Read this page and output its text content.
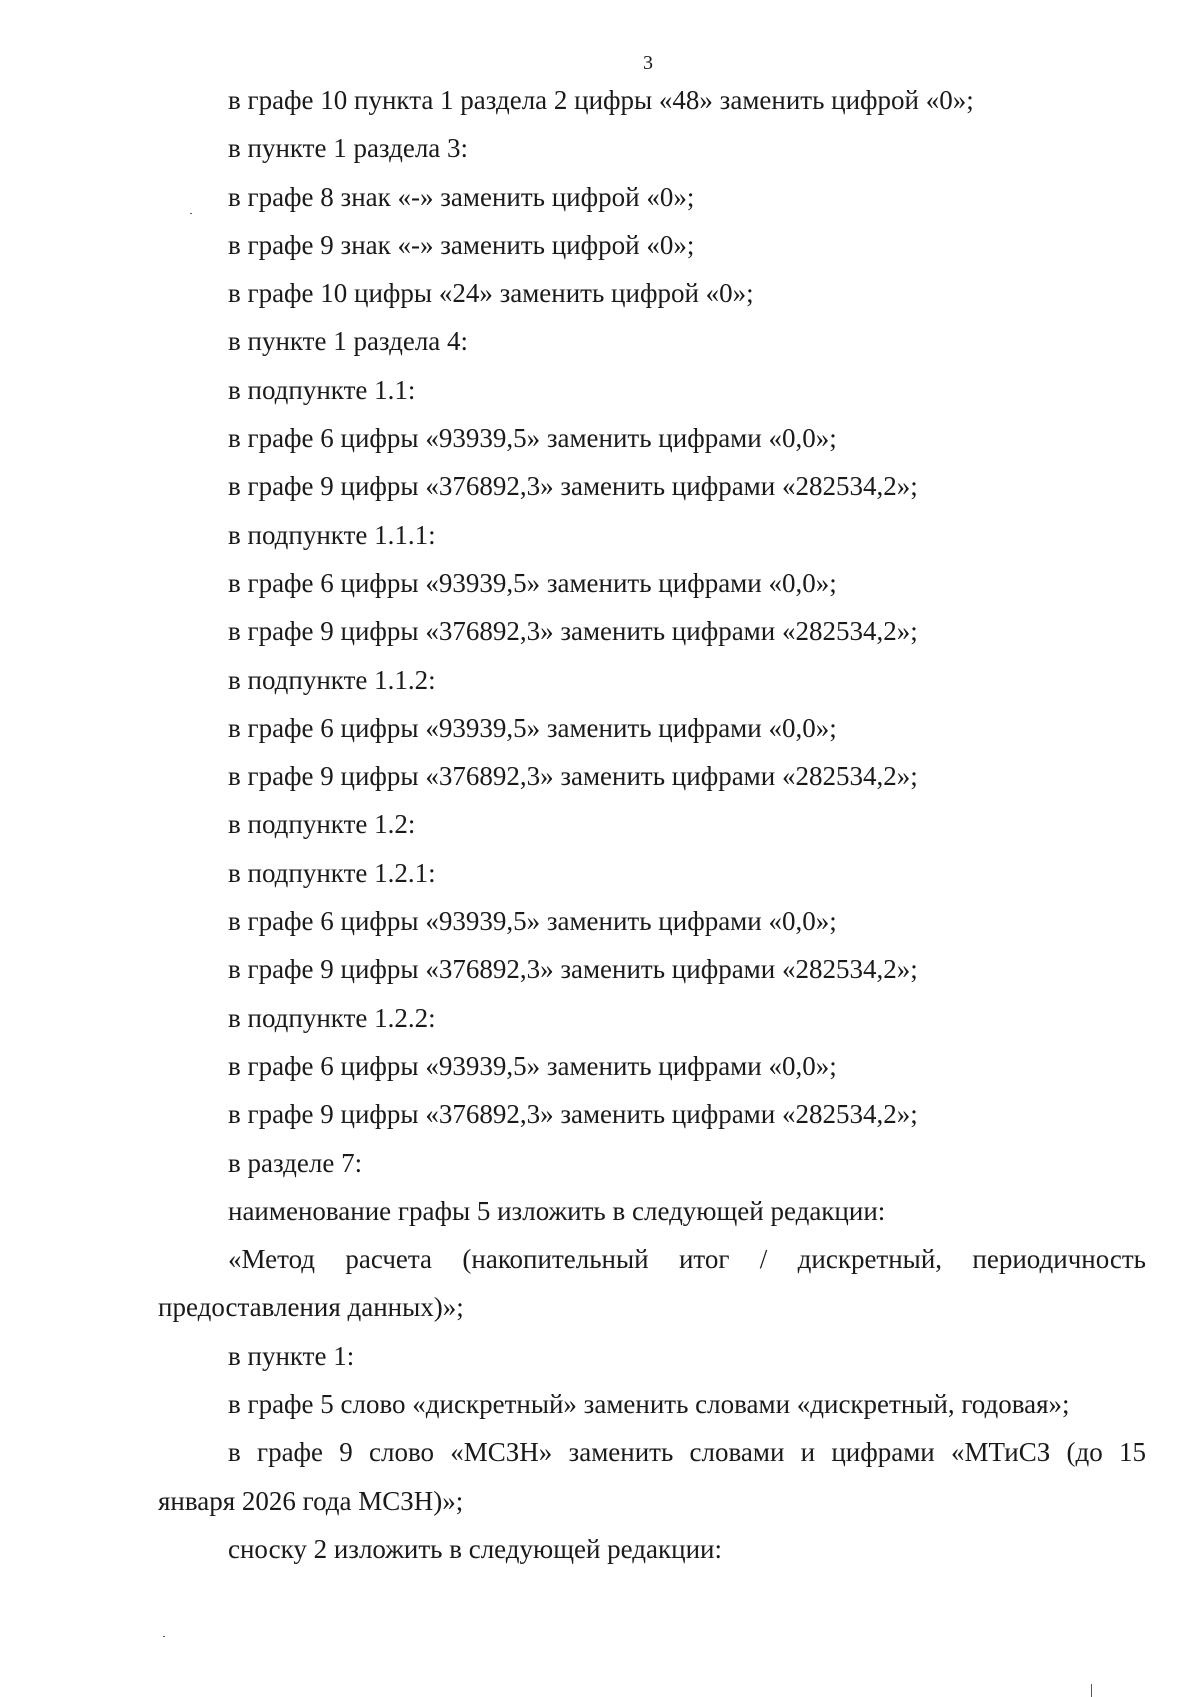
3
в графе 10 пункта 1 раздела 2 цифры «48» заменить цифрой «0»;
в пункте 1 раздела 3:
в графе 8 знак «-» заменить цифрой «0»;
в графе 9 знак «-» заменить цифрой «0»;
в графе 10 цифры «24» заменить цифрой «0»;
в пункте 1 раздела 4:
в подпункте 1.1:
в графе 6 цифры «93939,5» заменить цифрами «0,0»;
в графе 9 цифры «376892,3» заменить цифрами «282534,2»;
в подпункте 1.1.1:
в графе 6 цифры «93939,5» заменить цифрами «0,0»;
в графе 9 цифры «376892,3» заменить цифрами «282534,2»;
в подпункте 1.1.2:
в графе 6 цифры «93939,5» заменить цифрами «0,0»;
в графе 9 цифры «376892,3» заменить цифрами «282534,2»;
в подпункте 1.2:
в подпункте 1.2.1:
в графе 6 цифры «93939,5» заменить цифрами «0,0»;
в графе 9 цифры «376892,3» заменить цифрами «282534,2»;
в подпункте 1.2.2:
в графе 6 цифры «93939,5» заменить цифрами «0,0»;
в графе 9 цифры «376892,3» заменить цифрами «282534,2»;
в разделе 7:
наименование графы 5 изложить в следующей редакции:
«Метод расчета (накопительный итог / дискретный, периодичность
предоставления данных)»;
в пункте 1:
в графе 5 слово «дискретный» заменить словами «дискретный, годовая»;
в графе 9 слово «МСЗН» заменить словами и цифрами «МТиСЗ (до 15
января 2026 года МСЗН)»;
сноску 2 изложить в следующей редакции:
